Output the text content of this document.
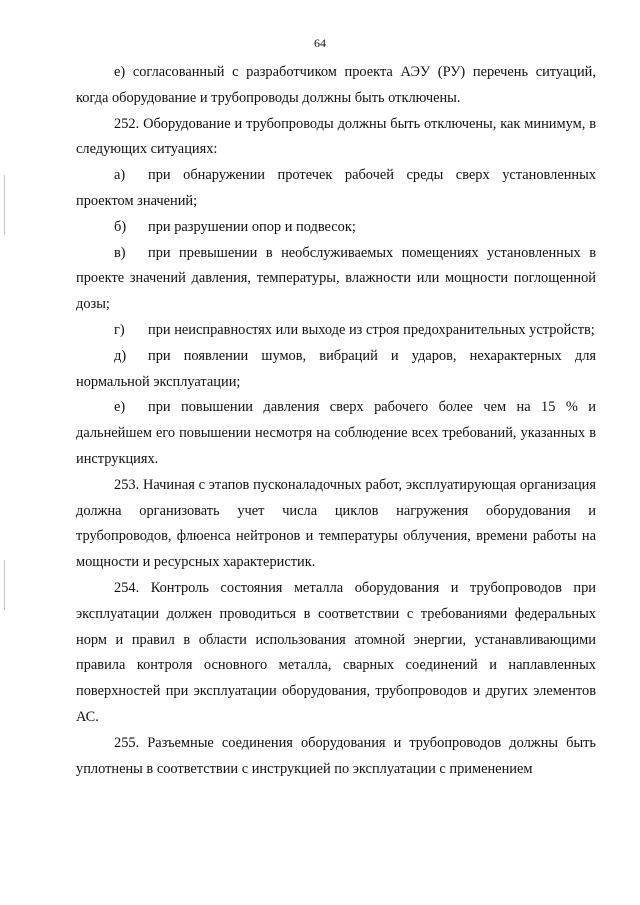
64

е) согласованный с разработчиком проекта АЭУ (РУ) перечень ситуаций, когда оборудование и трубопроводы должны быть отключены.

252. Оборудование и трубопроводы должны быть отключены, как минимум, в следующих ситуациях:

а) при обнаружении протечек рабочей среды сверх установленных проектом значений;

б) при разрушении опор и подвесок;

в) при превышении в необслуживаемых помещениях установленных в проекте значений давления, температуры, влажности или мощности поглощенной дозы;

г) при неисправностях или выходе из строя предохранительных устройств;

д) при появлении шумов, вибраций и ударов, нехарактерных для нормальной эксплуатации;

е) при повышении давления сверх рабочего более чем на 15 % и дальнейшем его повышении несмотря на соблюдение всех требований, указанных в инструкциях.

253. Начиная с этапов пусконаладочных работ, эксплуатирующая организация должна организовать учет числа циклов нагружения оборудования и трубопроводов, флюенса нейтронов и температуры облучения, времени работы на мощности и ресурсных характеристик.

254. Контроль состояния металла оборудования и трубопроводов при эксплуатации должен проводиться в соответствии с требованиями федеральных норм и правил в области использования атомной энергии, устанавливающими правила контроля основного металла, сварных соединений и наплавленных поверхностей при эксплуатации оборудования, трубопроводов и других элементов АС.

255. Разъемные соединения оборудования и трубопроводов должны быть уплотнены в соответствии с инструкцией по эксплуатации с применением
